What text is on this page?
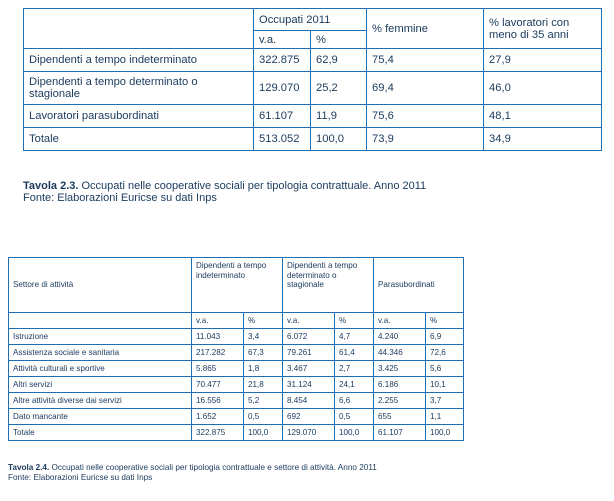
	Occupati 2011		% femmine	% lavoratori con meno di 35 anni
	v.a.	%		
Dipendenti a tempo indeterminato	322.875	62,9	75,4	27,9
Dipendenti a tempo determinato o stagionale	129.070	25,2	69,4	46,0
Lavoratori parasubordinati	61.107	11,9	75,6	48,1
Totale	513.052	100,0	73,9	34,9
Tavola 2.3. Occupati nelle cooperative sociali per tipologia contrattuale. Anno 2011
Fonte: Elaborazioni Euricse su dati Inps
Settore di attività	Dipendenti a tempo indeterminato		Dipendenti a tempo determinato o stagionale		Parasubordinati	
	v.a.	%	v.a.	%	v.a.	%
Istruzione	11.043	3,4	6.072	4,7	4.240	6,9
Assistenza sociale e sanitaria	217.282	67,3	79.261	61,4	44.346	72,6
Attività culturali e sportive	5.865	1,8	3.467	2,7	3.425	5,6
Altri servizi	70.477	21,8	31.124	24,1	6.186	10,1
Altre attività diverse dai servizi	16.556	5,2	8.454	6,6	2.255	3,7
Dato mancante	1.652	0,5	692	0,5	655	1,1
Totale	322.875	100,0	129.070	100,0	61.107	100,0
Tavola 2.4. Occupati nelle cooperative sociali per tipologia contrattuale e settore di attività. Anno 2011
Fonte: Elaborazioni Euricse su dati Inps
